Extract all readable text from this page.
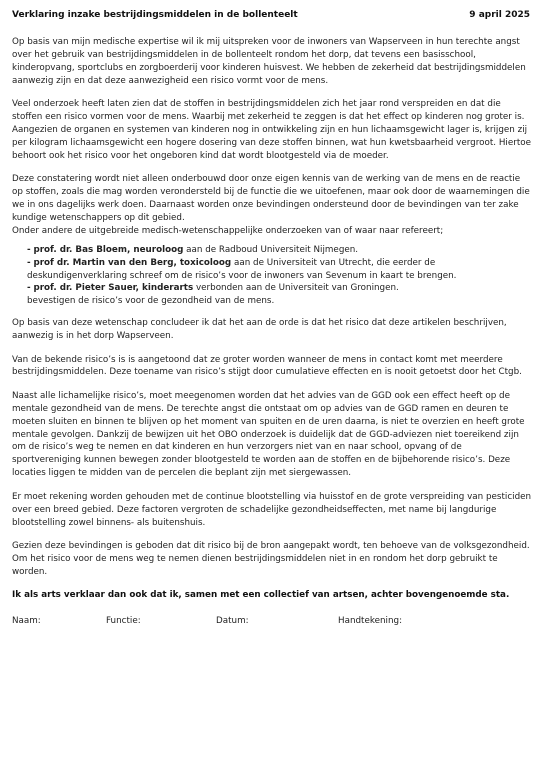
Verklaring inzake bestrijdingsmiddelen in de bollenteelt	9 april 2025

Op basis van mijn medische expertise wil ik mij uitspreken voor de inwoners van Wapserveen in hun terechte angst over het gebruik van bestrijdingsmiddelen in de bollenteelt rondom het dorp, dat tevens een basisschool, kinderopvang, sportclubs en zorgboerderij voor kinderen huisvest. We hebben de zekerheid dat bestrijdingsmiddelen aanwezig zijn en dat deze aanwezigheid een risico vormt voor de mens.

Veel onderzoek heeft laten zien dat de stoffen in bestrijdingsmiddelen zich het jaar rond verspreiden en dat die stoffen een risico vormen voor de mens. Waarbij met zekerheid te zeggen is dat het effect op kinderen nog groter is. Aangezien de organen en systemen van kinderen nog in ontwikkeling zijn en hun lichaamsgewicht lager is, krijgen zij per kilogram lichaamsgewicht een hogere dosering van deze stoffen binnen, wat hun kwetsbaarheid vergroot. Hiertoe behoort ook het risico voor het ongeboren kind dat wordt blootgesteld via de moeder.

Deze constatering wordt niet alleen onderbouwd door onze eigen kennis van de werking van de mens en de reactie op stoffen, zoals die mag worden verondersteld bij de functie die we uitoefenen, maar ook door de waarnemingen die we in ons dagelijks werk doen. Daarnaast worden onze bevindingen ondersteund door de bevindingen van ter zake kundige wetenschappers op dit gebied.
Onder andere de uitgebreide medisch-wetenschappelijke onderzoeken van of waar naar refereert;

- prof. dr. Bas Bloem, neuroloog aan de Radboud Universiteit Nijmegen.
- prof dr. Martin van den Berg, toxicoloog aan de Universiteit van Utrecht, die eerder de deskundigenverklaring schreef om de risico’s voor de inwoners van Sevenum in kaart te brengen.
- prof. dr. Pieter Sauer, kinderarts verbonden aan de Universiteit van Groningen.
bevestigen de risico’s voor de gezondheid van de mens.

Op basis van deze wetenschap concludeer ik dat het aan de orde is dat het risico dat deze artikelen beschrijven, aanwezig is in het dorp Wapserveen.

Van de bekende risico’s is is aangetoond dat ze groter worden wanneer de mens in contact komt met meerdere bestrijdingsmiddelen. Deze toename van risico’s stijgt door cumulatieve effecten en is nooit getoetst door het Ctgb.

Naast alle lichamelijke risico’s, moet meegenomen worden dat het advies van de GGD ook een effect heeft op de mentale gezondheid van de mens. De terechte angst die ontstaat om op advies van de GGD ramen en deuren te moeten sluiten en binnen te blijven op het moment van spuiten en de uren daarna, is niet te overzien en heeft grote mentale gevolgen. Dankzij de bewijzen uit het OBO onderzoek is duidelijk dat de GGD-adviezen niet toereikend zijn om de risico’s weg te nemen en dat kinderen en hun verzorgers niet van en naar school, opvang of de sportvereniging kunnen bewegen zonder blootgesteld te worden aan de stoffen en de bijbehorende risico’s. Deze locaties liggen te midden van de percelen die beplant zijn met siergewassen.

Er moet rekening worden gehouden met de continue blootstelling via huisstof en de grote verspreiding van pesticiden over een breed gebied. Deze factoren vergroten de schadelijke gezondheidseffecten, met name bij langdurige blootstelling zowel binnens- als buitenshuis.

Gezien deze bevindingen is geboden dat dit risico bij de bron aangepakt wordt, ten behoeve van de volksgezondheid. Om het risico voor de mens weg te nemen dienen bestrijdingsmiddelen niet in en rondom het dorp gebruikt te worden.

Ik als arts verklaar dan ook dat ik, samen met een collectief van artsen, achter bovengenoemde sta.

Naam:	Functie:	Datum:	Handtekening:
